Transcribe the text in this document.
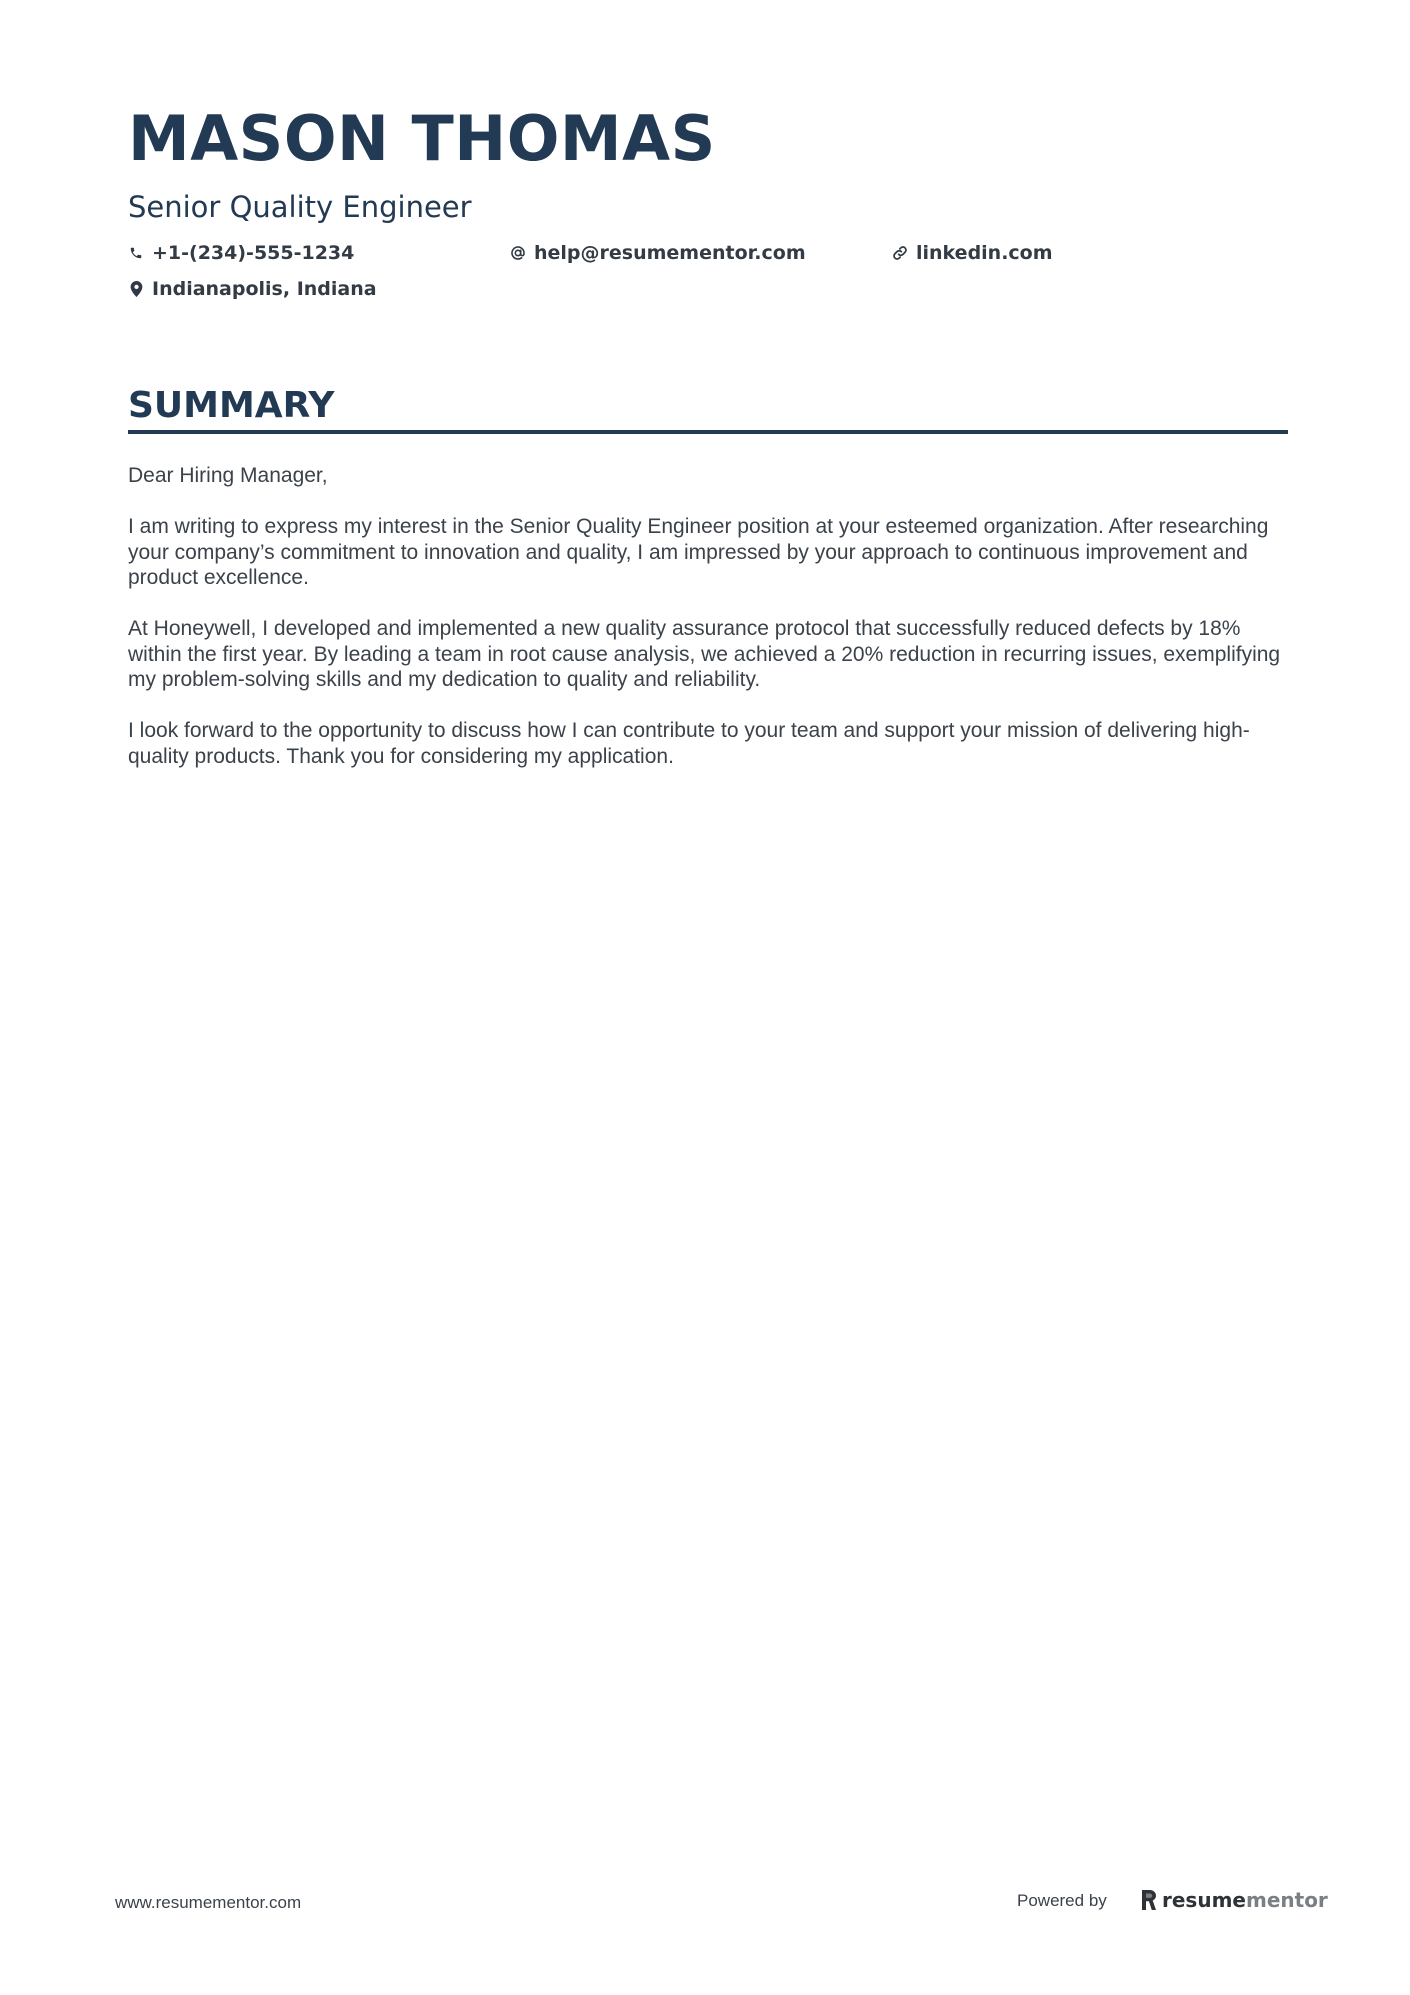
MASON THOMAS
Senior Quality Engineer
+1-(234)-555-1234	help@resumementor.com	linkedin.com
Indianapolis, Indiana
SUMMARY

Dear Hiring Manager,

I am writing to express my interest in the Senior Quality Engineer position at your esteemed organization. After researching your company’s commitment to innovation and quality, I am impressed by your approach to continuous improvement and product excellence.

At Honeywell, I developed and implemented a new quality assurance protocol that successfully reduced defects by 18% within the first year. By leading a team in root cause analysis, we achieved a 20% reduction in recurring issues, exemplifying my problem-solving skills and my dedication to quality and reliability.

I look forward to the opportunity to discuss how I can contribute to your team and support your mission of delivering high-quality products. Thank you for considering my application.

www.resumementor.com	Powered by	resume mentor
